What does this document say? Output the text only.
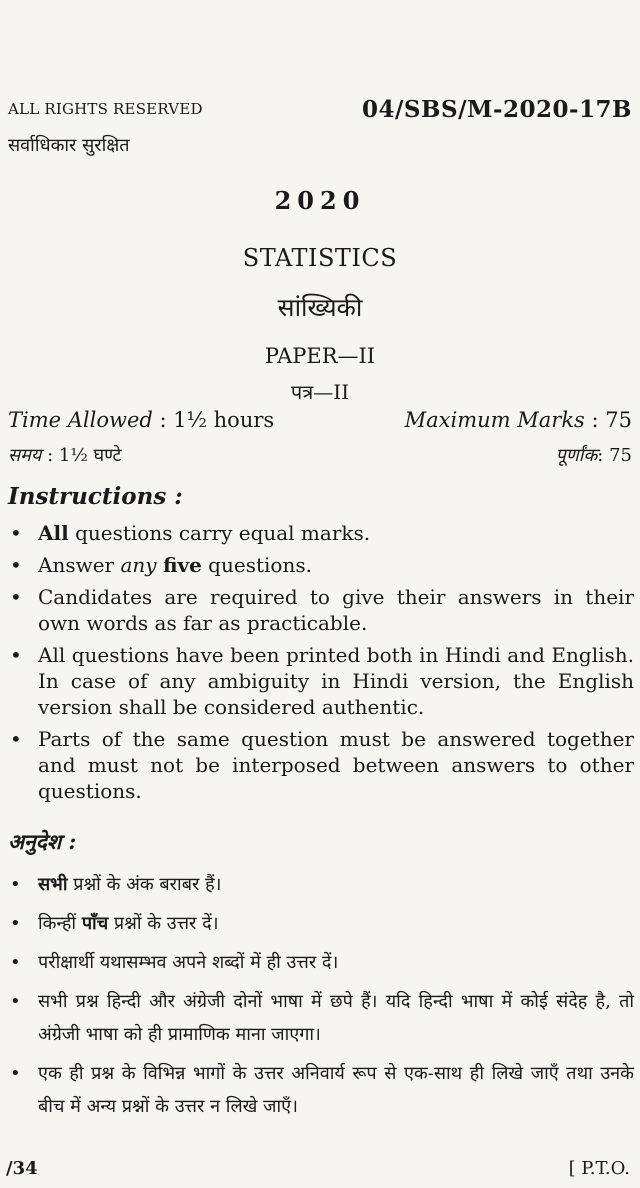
ALL RIGHTS RESERVED
सर्वाधिकार सुरक्षित
04/SBS/M-2020-17B
2020
STATISTICS
सांख्यिकी
PAPER—II
पत्र—II
Time Allowed : 1½ hours	Maximum Marks : 75
समय : 1½ घण्टे	पूर्णांक: 75
Instructions :
• All questions carry equal marks.
• Answer any five questions.
• Candidates are required to give their answers in their own words as far as practicable.
• All questions have been printed both in Hindi and English. In case of any ambiguity in Hindi version, the English version shall be considered authentic.
• Parts of the same question must be answered together and must not be interposed between answers to other questions.
अनुदेश :
• सभी प्रश्नों के अंक बराबर हैं।
• किन्हीं पाँच प्रश्नों के उत्तर दें।
• परीक्षार्थी यथासम्भव अपने शब्दों में ही उत्तर दें।
• सभी प्रश्न हिन्दी और अंग्रेजी दोनों भाषा में छपे हैं। यदि हिन्दी भाषा में कोई संदेह है, तो अंग्रेजी भाषा को ही प्रामाणिक माना जाएगा।
• एक ही प्रश्न के विभिन्न भागों के उत्तर अनिवार्य रूप से एक-साथ ही लिखे जाएँ तथा उनके बीच में अन्य प्रश्नों के उत्तर न लिखे जाएँ।
/34	[ P.T.O.
